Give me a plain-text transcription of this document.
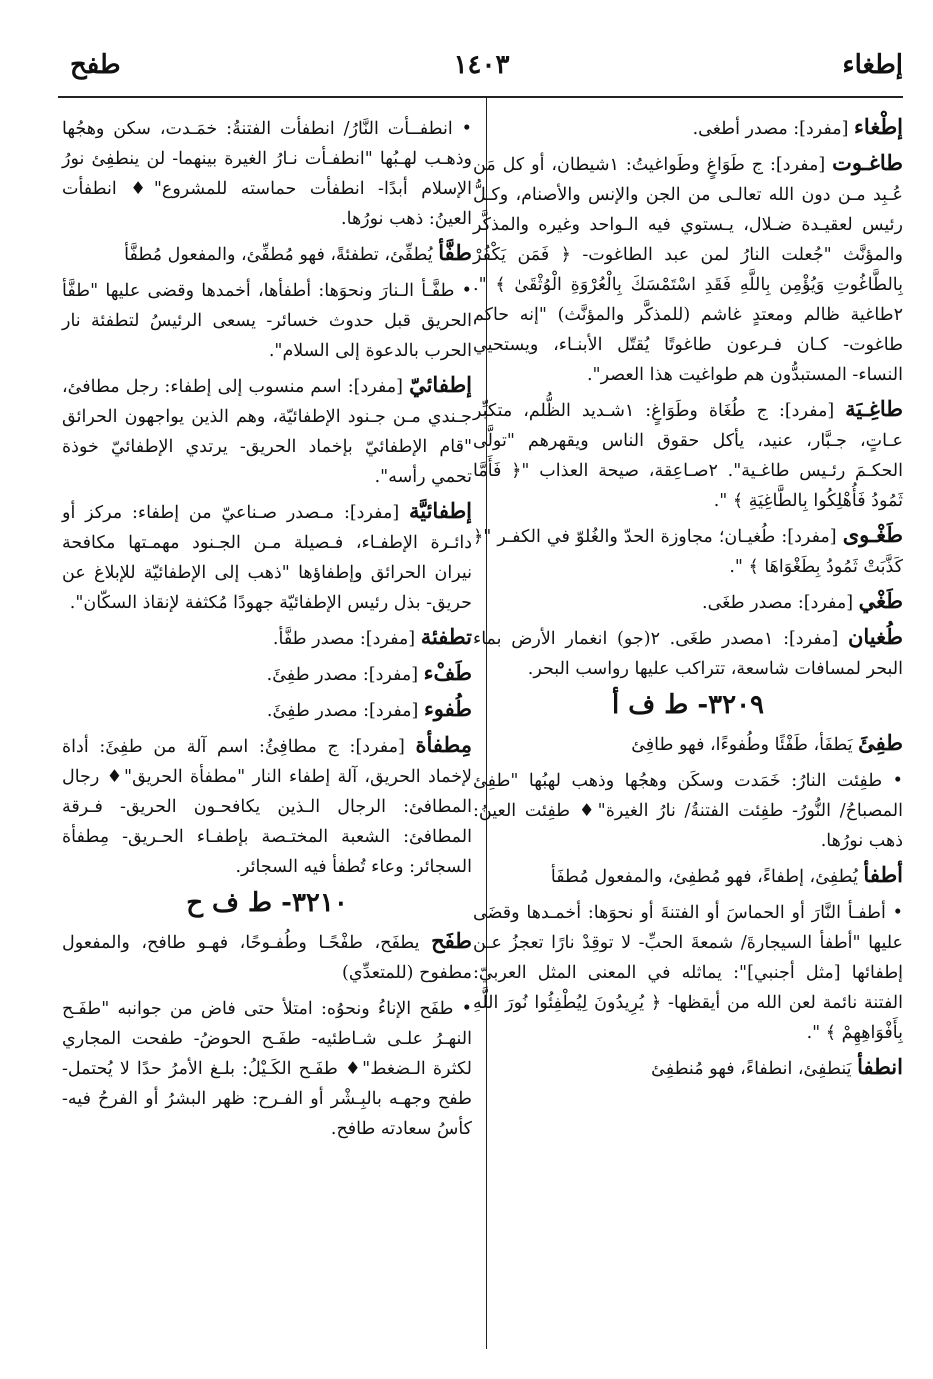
إطغاء
١٤٠٣
طفح

إطْغاء [مفرد]: مصدر أطغى.

طاغـوت [مفرد]: ج طَوَاغٍ وطَواغيتُ: ١شيطان، أو كل مَن عُـبِد مـن دون الله تعالـى من الجن والإنس والأصنام، وكـلُّ رئيس لعقيـدة ضـلال، يـستوي فيه الـواحد وغيره والمذكَّر والمؤنَّث "جُعلت النارُ لمن عبد الطاغوت- ﴿ فَمَن يَكْفُرْ بِالطَّاغُوتِ وَيُؤْمِن بِاللَّهِ فَقَدِ اسْتَمْسَكَ بِالْعُرْوَةِ الْوُثْقَىٰ ﴾ ". ٢طاغية ظالم ومعتدٍ غاشم (للمذكَّر والمؤنَّث) "إنه حاكم طاغوت- كـان فـرعون طاغوتًا يُقتّل الأبنـاء، ويستحيي النساء- المستبدُّون هم طواغيت هذا العصر".

طاغِـيَة [مفرد]: ج طُغَاة وطَوَاغٍ: ١شـديد الظُّلم، متكبِّر عـاتٍ، جـبَّار، عنيد، يأكل حقوق الناس ويقهرهم "تولَّى الحكـمَ رئـيس طاغـية". ٢صـاعِقة، صيحة العذاب "﴿ فَأَمَّا ثَمُودُ فَأُهْلِكُوا بِالطَّاغِيَةِ ﴾ ".

طَغْـوى [مفرد]: طُغيـان؛ مجاوزة الحدّ والغُلوّ في الكفـر "﴿ كَذَّبَتْ ثَمُودُ بِطَغْوَاهَا ﴾ ".

طَغْي [مفرد]: مصدر طغَى.

طُغيان [مفرد]: ١مصدر طغَى. ٢(جو) انغمار الأرض بماء البحر لمسافات شاسعة، تتراكب عليها رواسب البحر.

٣٢٠٩- ط ف أ

طفِئَ يَطفَأ، طَفْئًا وطُفوءًا، فهو طافِئ

• طفِئت النارُ: خَمَدت وسكَن وهجُها وذهب لهبُها "طفِئ المصباحُ/ النُّورُ- طفِئت الفتنةُ/ نارُ الغيرة"♦ طفِئت العينُ: ذهب نورُها.

أطفأ يُطفِئ، إطفاءً، فهو مُطفِئ، والمفعول مُطفَأ

• أطفـأ النَّارَ أو الحماسَ أو الفتنةَ أو نحوَها: أخمـدها وقضَى عليها "أطفأ السيجارةَ/ شمعةَ الحبِّ- لا توقِدْ نارًا تعجزُ عـن إطفائها [مثل أجنبي]": يماثله في المعنى المثل العربيّ: الفتنة نائمة لعن الله من أيقظها- ﴿ يُرِيدُونَ لِيُطْفِئُوا نُورَ اللَّهِ بِأَفْوَاهِهِمْ ﴾ ".

انطفأ يَنطفِئ، انطفاءً، فهو مُنطفِئ

• انطفــأت النَّارُ/ انطفأت الفتنةُ: خمَـدت، سكن وهجُها وذهـب لهـبُها "انطفـأت نـارُ الغيرة بينهما- لن ينطفِئ نورُ الإسلام أبدًا- انطفأت حماسته للمشروع"♦ انطفأت العينُ: ذهب نورُها.

طفَّأ يُطفِّئ، تطفئةً، فهو مُطفِّئ، والمفعول مُطفَّأ

• طفَّـأ الـنارَ ونحوَها: أطفأها، أخمدها وقضى عليها "طفَّأ الحريق قبل حدوث خسائر- يسعى الرئيسُ لتطفئة نار الحرب بالدعوة إلى السلام".

إطفائيّ [مفرد]: اسم منسوب إلى إطفاء: رجل مطافئ، جـندي مـن جـنود الإطفائيّة، وهم الذين يواجهون الحرائق "قام الإطفائيّ بإخماد الحريق- يرتدي الإطفائيّ خوذة تحمي رأسه".

إطفائيَّة [مفرد]: مـصدر صـناعيّ من إطفاء: مركز أو دائـرة الإطفـاء، فـصيلة مـن الجـنود مهمـتها مكافحة نيران الحرائق وإطفاؤها "ذهب إلى الإطفائيّة للإبلاغ عن حريق- بذل رئيس الإطفائيّة جهودًا مُكثفة لإنقاذ السكّان".

تطفئة [مفرد]: مصدر طفَّأ.

طَفْء [مفرد]: مصدر طفِئَ.

طُفوء [مفرد]: مصدر طفِئَ.

مِطفأة [مفرد]: ج مطافِئُ: اسم آلة من طفِئَ: أداة لإخماد الحريق، آلة إطفاء النار "مطفأة الحريق"♦ رجال المطافئ: الرجال الـذين يكافحـون الحريق- فـرقة المطافئ: الشعبة المختـصة بإطفـاء الحـريق- مِطفأة السجائر: وعاء تُطفأ فيه السجائر.

٣٢١٠- ط ف ح

طفَح يطفَح، طفْحًـا وطُفـوحًا، فهـو طافح، والمفعول مطفوح (للمتعدِّي)

• طفَح الإناءُ ونحوُه: امتلأ حتى فاض من جوانبه "طفَـح النهـرُ علـى شـاطئيه- طفَـح الحوضُ- طفحت المجاري لكثرة الـضغط"♦ طفَـح الكَـيْلُ: بلـغ الأمرُ حدًا لا يُحتمل- طفح وجهـه بالبِـشْر أو الفـرح: ظهر البشرُ أو الفرحُ فيه- كأسُ سعادته طافح.
